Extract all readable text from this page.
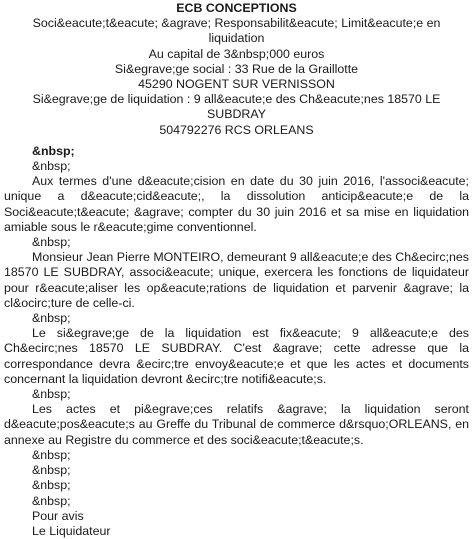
ECB CONCEPTIONS
Soci&eacute;t&eacute; &agrave; Responsabilit&eacute; Limit&eacute;e en liquidation
Au capital de 3&nbsp;000 euros
Si&egrave;ge social : 33 Rue de la Graillotte
45290 NOGENT SUR VERNISSON
Si&egrave;ge de liquidation : 9 all&eacute;e des Ch&eacute;nes 18570 LE SUBDRAY
504792276 RCS ORLEANS
&nbsp;
&nbsp;
Aux termes d'une d&eacute;cision en date du 30 juin 2016, l'associ&eacute; unique a d&eacute;cid&eacute;, la dissolution anticip&eacute;e de la Soci&eacute;t&eacute; &agrave; compter du 30 juin 2016 et sa mise en liquidation amiable sous le r&eacute;gime conventionnel.
&nbsp;
Monsieur Jean Pierre MONTEIRO, demeurant 9 all&eacute;e des Ch&ecirc;nes 18570 LE SUBDRAY, associ&eacute; unique, exercera les fonctions de liquidateur pour r&eacute;aliser les op&eacute;rations de liquidation et parvenir &agrave; la cl&ocirc;ture de celle-ci.
&nbsp;
Le si&egrave;ge de la liquidation est fix&eacute; 9 all&eacute;e des Ch&ecirc;nes 18570 LE SUBDRAY. C'est &agrave; cette adresse que la correspondance devra &ecirc;tre envoy&eacute;e et que les actes et documents concernant la liquidation devront &ecirc;tre notifi&eacute;s.
&nbsp;
Les actes et pi&egrave;ces relatifs &agrave; la liquidation seront d&eacute;pos&eacute;s au Greffe du Tribunal de commerce d&rsquo;ORLEANS, en annexe au Registre du commerce et des soci&eacute;t&eacute;s.
&nbsp;
&nbsp;
&nbsp;
&nbsp;
Pour avis
Le Liquidateur
